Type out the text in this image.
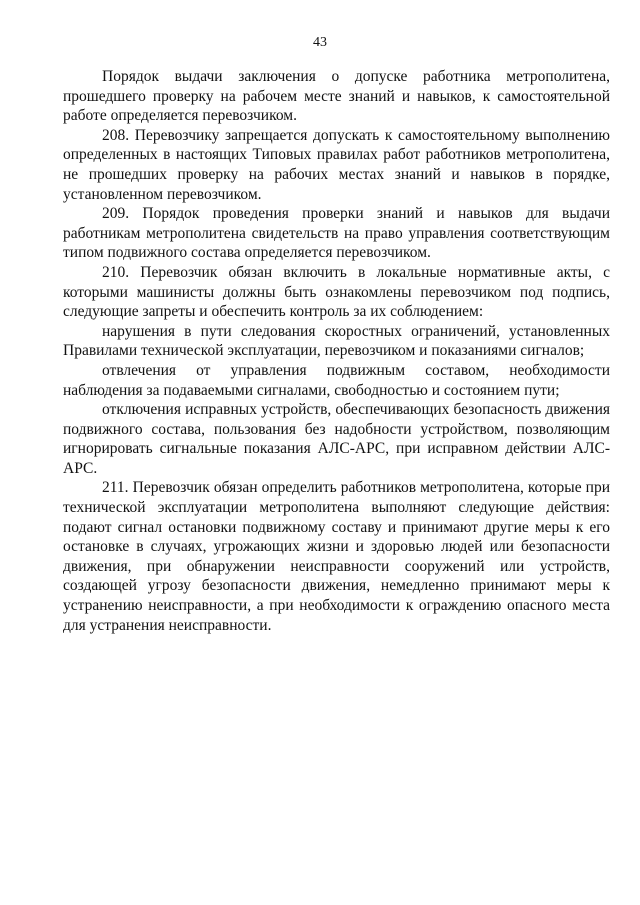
43

Порядок выдачи заключения о допуске работника метрополитена, прошедшего проверку на рабочем месте знаний и навыков, к самостоятельной работе определяется перевозчиком.

208. Перевозчику запрещается допускать к самостоятельному выполнению определенных в настоящих Типовых правилах работ работников метрополитена, не прошедших проверку на рабочих местах знаний и навыков в порядке, установленном перевозчиком.

209. Порядок проведения проверки знаний и навыков для выдачи работникам метрополитена свидетельств на право управления соответствующим типом подвижного состава определяется перевозчиком.

210. Перевозчик обязан включить в локальные нормативные акты, с которыми машинисты должны быть ознакомлены перевозчиком под подпись, следующие запреты и обеспечить контроль за их соблюдением:

нарушения в пути следования скоростных ограничений, установленных Правилами технической эксплуатации, перевозчиком и показаниями сигналов;

отвлечения от управления подвижным составом, необходимости наблюдения за подаваемыми сигналами, свободностью и состоянием пути;

отключения исправных устройств, обеспечивающих безопасность движения подвижного состава, пользования без надобности устройством, позволяющим игнорировать сигнальные показания АЛС-АРС, при исправном действии АЛС-АРС.

211. Перевозчик обязан определить работников метрополитена, которые при технической эксплуатации метрополитена выполняют следующие действия: подают сигнал остановки подвижному составу и принимают другие меры к его остановке в случаях, угрожающих жизни и здоровью людей или безопасности движения, при обнаружении неисправности сооружений или устройств, создающей угрозу безопасности движения, немедленно принимают меры к устранению неисправности, а при необходимости к ограждению опасного места для устранения неисправности.
